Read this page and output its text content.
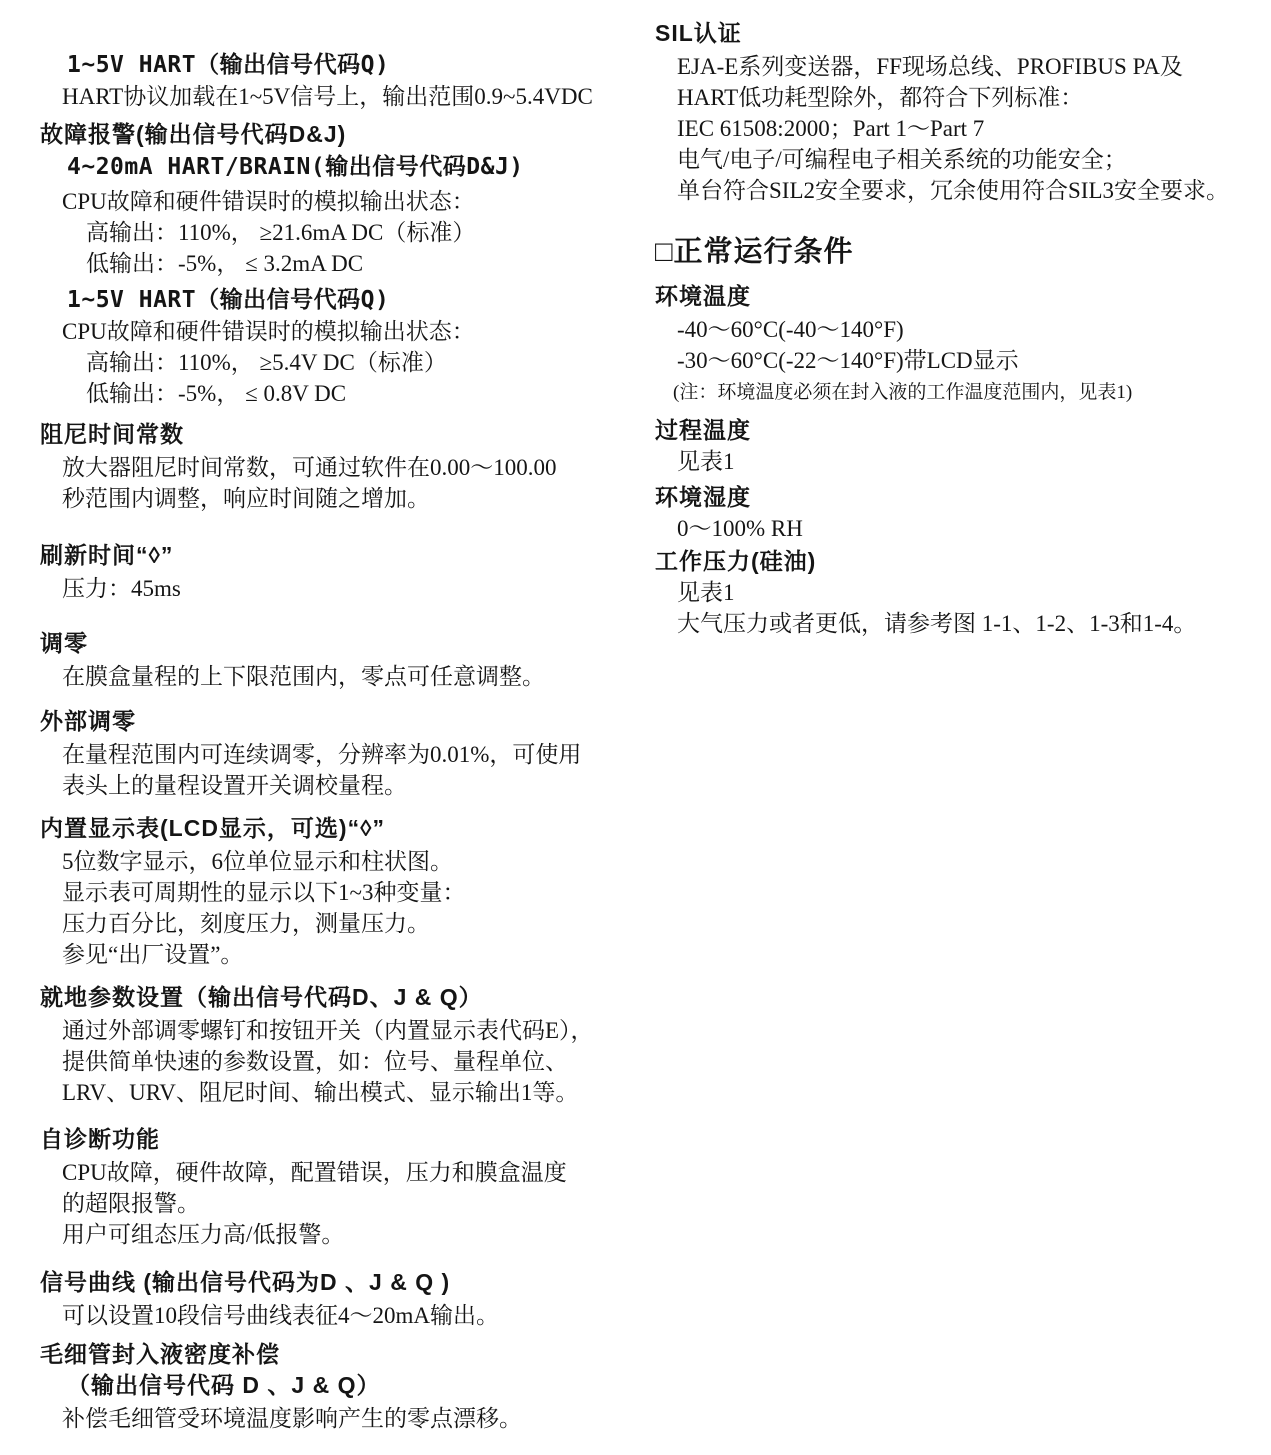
1~5V HART（输出信号代码Q)

HART协议加载在1~5V信号上，输出范围0.9~5.4VDC

故障报警(输出信号代码D&J)

4~20mA HART/BRAIN(输出信号代码D&J)

CPU故障和硬件错误时的模拟输出状态：

高输出：110%， ≥21.6mA DC（标准）

低输出：-5%， ≤ 3.2mA DC

1~5V HART（输出信号代码Q)

CPU故障和硬件错误时的模拟输出状态：

高输出：110%， ≥5.4V DC（标准）

低输出：-5%， ≤ 0.8V DC

阻尼时间常数

放大器阻尼时间常数，可通过软件在0.00～100.00

秒范围内调整，响应时间随之增加。

刷新时间“◊”

压力：45ms

调零

在膜盒量程的上下限范围内，零点可任意调整。

外部调零

在量程范围内可连续调零，分辨率为0.01%，可使用

表头上的量程设置开关调校量程。

内置显示表(LCD显示，可选)“◊”

5位数字显示，6位单位显示和柱状图。

显示表可周期性的显示以下1~3种变量：

压力百分比，刻度压力，测量压力。

参见“出厂设置”。

就地参数设置（输出信号代码D、J & Q）

通过外部调零螺钉和按钮开关（内置显示表代码E），

提供简单快速的参数设置，如：位号、量程单位、

LRV、URV、阻尼时间、输出模式、显示输出1等。

自诊断功能

CPU故障，硬件故障，配置错误，压力和膜盒温度

的超限报警。

用户可组态压力高/低报警。

信号曲线 (输出信号代码为D 、J & Q )

可以设置10段信号曲线表征4～20mA输出。

毛细管封入液密度补偿

（输出信号代码 D 、J & Q）

补偿毛细管受环境温度影响产生的零点漂移。

SIL认证

EJA-E系列变送器，FF现场总线、PROFIBUS PA及

HART低功耗型除外，都符合下列标准：

IEC 61508:2000；Part 1～Part 7

电气/电子/可编程电子相关系统的功能安全；

单台符合SIL2安全要求，冗余使用符合SIL3安全要求。

□正常运行条件

环境温度

-40～60°C(-40～140°F)

-30～60°C(-22～140°F)带LCD显示

(注：环境温度必须在封入液的工作温度范围内，见表1)

过程温度

见表1

环境湿度

0～100% RH

工作压力(硅油)

见表1

大气压力或者更低，请参考图 1-1、1-2、1-3和1-4。
